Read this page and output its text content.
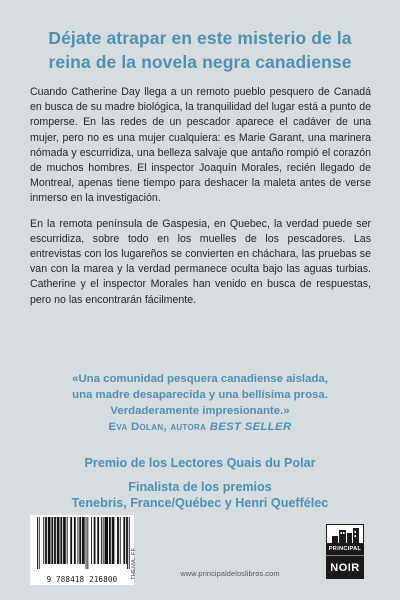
Déjate atrapar en este misterio de la
reina de la novela negra canadiense

Cuando Catherine Day llega a un remoto pueblo pesquero de Canadá en busca de su madre biológica, la tranquilidad del lugar está a punto de romperse. En las redes de un pescador aparece el cadáver de una mujer, pero no es una mujer cualquiera: es Marie Garant, una marinera nómada y escurridiza, una belleza salvaje que antaño rompió el corazón de muchos hombres. El inspector Joaquín Morales, recién llegado de Montreal, apenas tiene tiempo para deshacer la maleta antes de verse inmerso en la investigación.

En la remota península de Gaspesia, en Quebec, la verdad puede ser escurridiza, sobre todo en los muelles de los pescadores. Las entrevistas con los lugareños se convierten en cháchara, las pruebas se van con la marea y la verdad permanece oculta bajo las aguas turbias. Catherine y el inspector Morales han venido en busca de respuestas, pero no las encontrarán fácilmente.

«Una comunidad pesquera canadiense aislada,
una madre desaparecida y una bellísima prosa.
Verdaderamente impresionante.»
Eva Dolan, autora BEST SELLER
Premio de los Lectores Quais du Polar
Finalista de los premios
Tenebris, France/Québec y Henri Queffélec
9 788418 216800	THEMA: FF	www.principaldeloslibros.com
PRINCIPAL
NOIR
